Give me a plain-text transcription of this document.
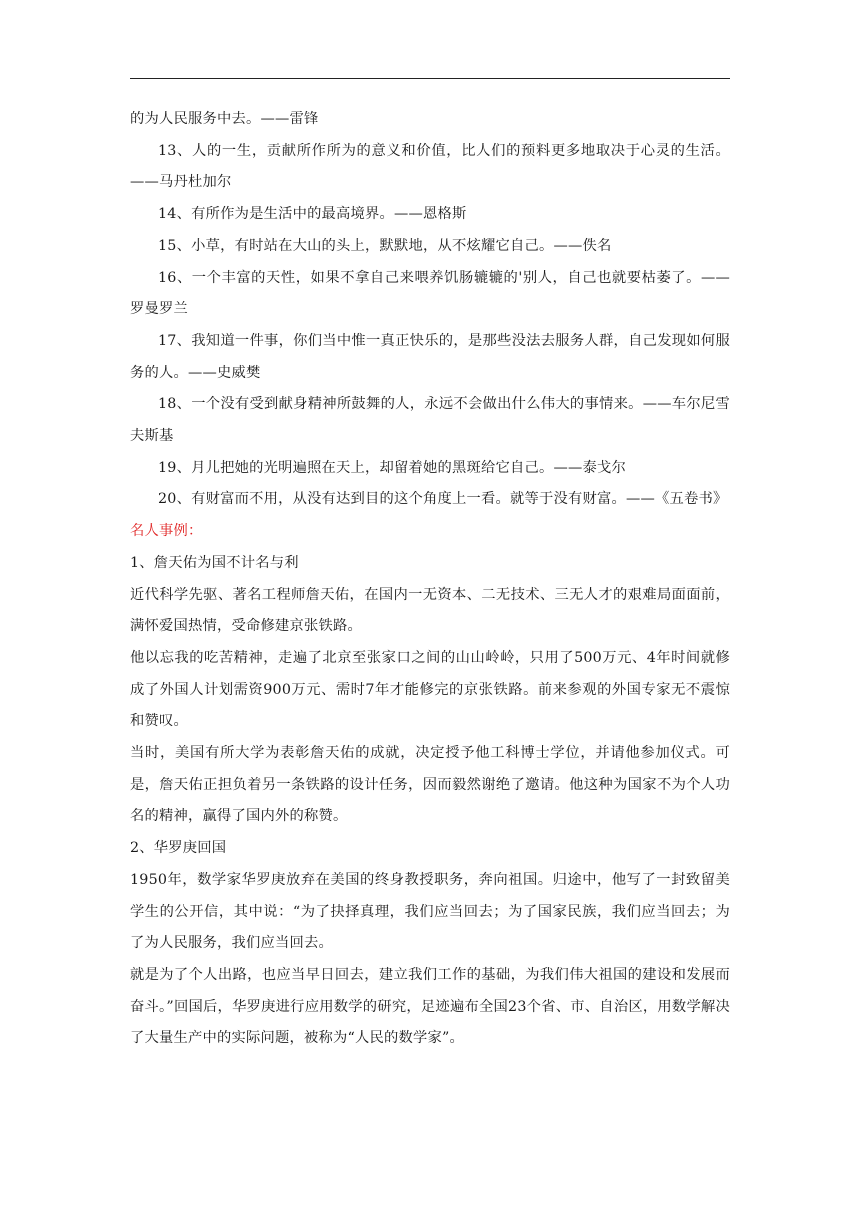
的为人民服务中去。——雷锋

13、人的一生，贡献所作所为的意义和价值，比人们的预料更多地取决于心灵的生活。——马丹杜加尔

14、有所作为是生活中的最高境界。——恩格斯

15、小草，有时站在大山的头上，默默地，从不炫耀它自己。——佚名

16、一个丰富的天性，如果不拿自己来喂养饥肠辘辘的'别人，自己也就要枯萎了。——罗曼罗兰

17、我知道一件事，你们当中惟一真正快乐的，是那些没法去服务人群，自己发现如何服务的人。——史威樊

18、一个没有受到献身精神所鼓舞的人，永远不会做出什么伟大的事情来。——车尔尼雪夫斯基

19、月儿把她的光明遍照在天上，却留着她的黑斑给它自己。——泰戈尔

20、有财富而不用，从没有达到目的这个角度上一看。就等于没有财富。——《五卷书》

名人事例：

1、詹天佑为国不计名与利

近代科学先驱、著名工程师詹天佑，在国内一无资本、二无技术、三无人才的艰难局面面前，满怀爱国热情，受命修建京张铁路。

他以忘我的吃苦精神，走遍了北京至张家口之间的山山岭岭，只用了500万元、4年时间就修成了外国人计划需资900万元、需时7年才能修完的京张铁路。前来参观的外国专家无不震惊和赞叹。

当时，美国有所大学为表彰詹天佑的成就，决定授予他工科博士学位，并请他参加仪式。可是，詹天佑正担负着另一条铁路的设计任务，因而毅然谢绝了邀请。他这种为国家不为个人功名的精神，赢得了国内外的称赞。

2、华罗庚回国

1950年，数学家华罗庚放弃在美国的终身教授职务，奔向祖国。归途中，他写了一封致留美学生的公开信，其中说：“为了抉择真理，我们应当回去；为了国家民族，我们应当回去；为了为人民服务，我们应当回去。

就是为了个人出路，也应当早日回去，建立我们工作的基础，为我们伟大祖国的建设和发展而奋斗。”回国后，华罗庚进行应用数学的研究，足迹遍布全国23个省、市、自治区，用数学解决了大量生产中的实际问题，被称为“人民的数学家”。
